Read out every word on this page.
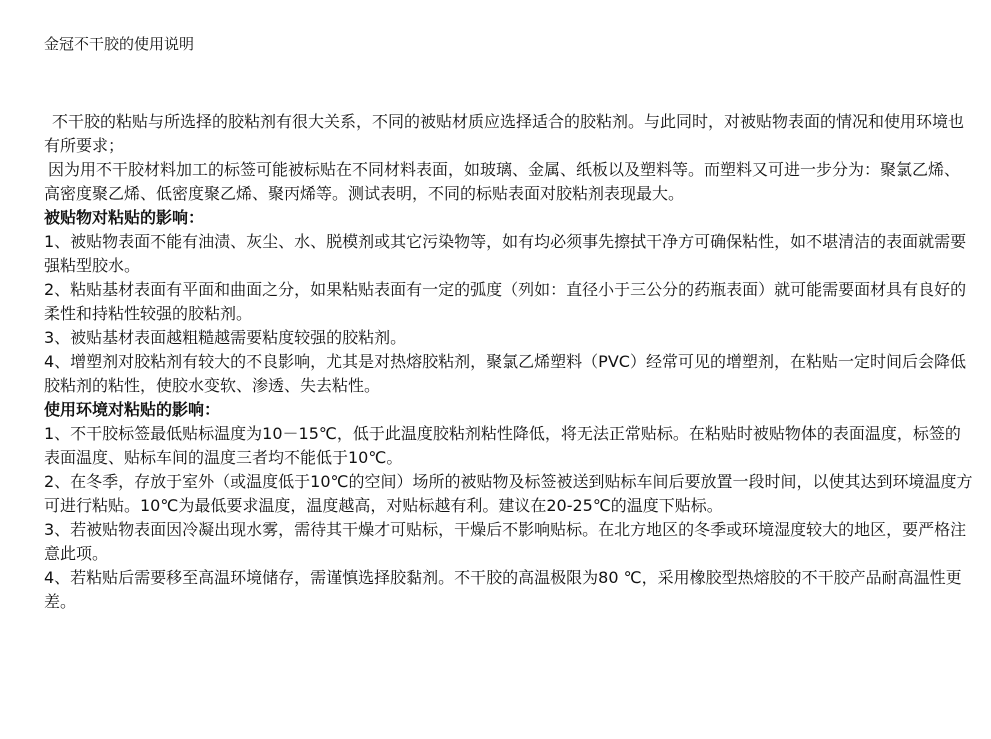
金冠不干胶的使用说明

不干胶的粘贴与所选择的胶粘剂有很大关系，不同的被贴材质应选择适合的胶粘剂。与此同时，对被贴物表面的情况和使用环境也有所要求；

因为用不干胶材料加工的标签可能被标贴在不同材料表面，如玻璃、金属、纸板以及塑料等。而塑料又可进一步分为：聚氯乙烯、高密度聚乙烯、低密度聚乙烯、聚丙烯等。测试表明，不同的标贴表面对胶粘剂表现最大。

被贴物对粘贴的影响：

1、被贴物表面不能有油渍、灰尘、水、脱模剂或其它污染物等，如有均必须事先擦拭干净方可确保粘性，如不堪清洁的表面就需要强粘型胶水。

2、粘贴基材表面有平面和曲面之分，如果粘贴表面有一定的弧度（列如：直径小于三公分的药瓶表面）就可能需要面材具有良好的柔性和持粘性较强的胶粘剂。

3、被贴基材表面越粗糙越需要粘度较强的胶粘剂。

4、增塑剂对胶粘剂有较大的不良影响，尤其是对热熔胶粘剂，聚氯乙烯塑料（PVC）经常可见的增塑剂，在粘贴一定时间后会降低胶粘剂的粘性，使胶水变软、渗透、失去粘性。

使用环境对粘贴的影响：

1、不干胶标签最低贴标温度为10－15℃，低于此温度胶粘剂粘性降低，将无法正常贴标。在粘贴时被贴物体的表面温度，标签的表面温度、贴标车间的温度三者均不能低于10℃。

2、在冬季，存放于室外（或温度低于10℃的空间）场所的被贴物及标签被送到贴标车间后要放置一段时间，以使其达到环境温度方可进行粘贴。10℃为最低要求温度，温度越高，对贴标越有利。建议在20-25℃的温度下贴标。

3、若被贴物表面因冷凝出现水雾，需待其干燥才可贴标，干燥后不影响贴标。在北方地区的冬季或环境湿度较大的地区，要严格注意此项。

4、若粘贴后需要移至高温环境储存，需谨慎选择胶黏剂。不干胶的高温极限为80 ℃，采用橡胶型热熔胶的不干胶产品耐高温性更差。
